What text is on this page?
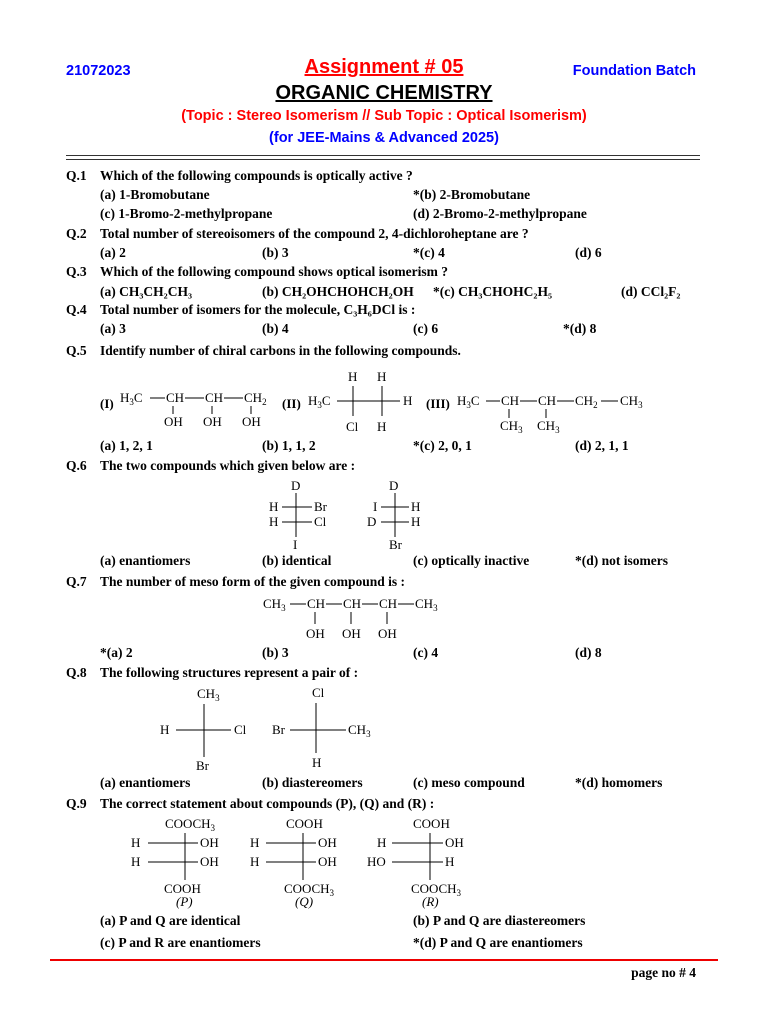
21072023	Assignment # 05	Foundation Batch
ORGANIC CHEMISTRY
(Topic : Stereo Isomerism // Sub Topic : Optical Isomerism)
(for JEE-Mains & Advanced 2025)
Q.1 Which of the following compounds is optically active ?
(a) 1-Bromobutane	*(b) 2-Bromobutane
(c) 1-Bromo-2-methylpropane	(d) 2-Bromo-2-methylpropane
Q.2 Total number of stereoisomers of the compound 2, 4-dichloroheptane are ?
(a) 2	(b) 3	*(c) 4	(d) 6
Q.3 Which of the following compound shows optical isomerism ?
(a) CH₃CH₂CH₃	(b) CH₂OHCHOHCH₂OH *(c) CH₃CHOHC₂H₅	(d) CCl₂F₂
Q.4 Total number of isomers for the molecule, C₃H₆DCl is :
(a) 3	(b) 4	(c) 6	*(d) 8
Q.5 Identify number of chiral carbons in the following compounds.
(I) $H_3C$ CH CH $CH_2$
OH OH OH
(II) $H_3C$
H H
H
Cl H
(III) $H_3C$ CH CH $CH_2$ $CH_3$
$CH_3$ $CH_3$
(a) 1, 2, 1	(b) 1, 1, 2	*(c) 2, 0, 1	(d) 2, 1, 1
Q.6 The two compounds which given below are :
D
H	Br
H	Cl
I
D
I	H
D	H
Br
(a) enantiomers	(b) identical	(c) optically inactive	*(d) not isomers
Q.7 The number of meso form of the given compound is :
$CH_3$ CH CH CH $CH_3$
OH OH OH
*(a) 2	(b) 3	(c) 4	(d) 8
Q.8 The following structures represent a pair of :
$CH_3$
H	Cl
Br
Cl
Br	$CH_3$
H
(a) enantiomers	(b) diastereomers	(c) meso compound	*(d) homomers
Q.9 The correct statement about compounds (P), (Q) and (R) :
$COOCH_3$
H	OH
H	OH
COOH
(P)
COOH
H	OH
H	OH
$COOCH_3$
(Q)
COOH
H	OH
HO	H
$COOCH_3$
(R)
(a) P and Q are identical	(b) P and Q are diastereomers
(c) P and R are enantiomers	*(d) P and Q are enantiomers
page no # 4
